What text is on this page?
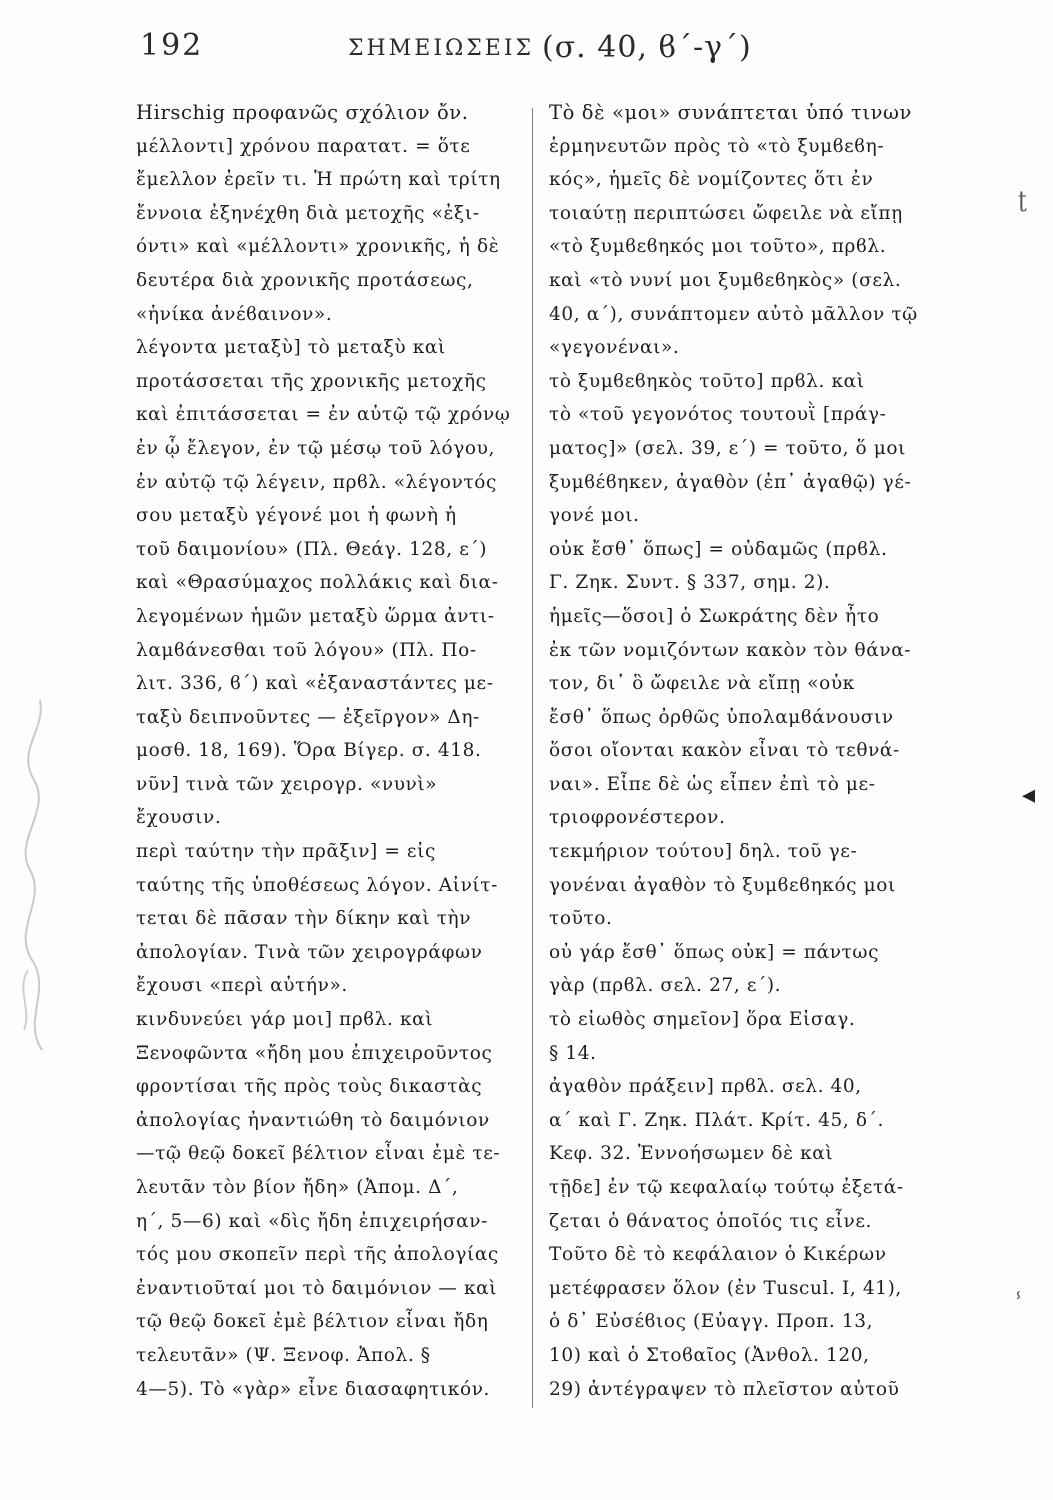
192	ΣΗΜΕΙΩΣΕΙΣ (σ. 40, ϐ΄-γ΄)
ʈ
◂
ⸯ
Hirschig προφανῶς σχόλιον ὄν.
μέλλοντι] χρόνου παρατατ. = ὅτε
ἔμελλον ἐρεῖν τι. Ἡ πρώτη καὶ τρίτη
ἔννοια ἐξηνέχθη διὰ μετοχῆς «ἐξι-
όντι» καὶ «μέλλοντι» χρονικῆς, ἡ δὲ
δευτέρα διὰ χρονικῆς προτάσεως,
«ἡνίκα ἀνέϐαινον».
λέγοντα μεταξὺ] τὸ μεταξὺ καὶ
προτάσσεται τῆς χρονικῆς μετοχῆς
καὶ ἐπιτάσσεται = ἐν αὐτῷ τῷ χρόνῳ
ἐν ᾧ ἔλεγον, ἐν τῷ μέσῳ τοῦ λόγου,
ἐν αὐτῷ τῷ λέγειν, πρϐλ. «λέγοντός
σου μεταξὺ γέγονέ μοι ἡ φωνὴ ἡ
τοῦ δαιμονίου» (Πλ. Θεάγ. 128, ε΄)
καὶ «Θρασύμαχος πολλάκις καὶ δια-
λεγομένων ἡμῶν μεταξὺ ὥρμα ἀντι-
λαμϐάνεσθαι τοῦ λόγου» (Πλ. Πο-
λιτ. 336, ϐ΄) καὶ «ἐξαναστάντες με-
ταξὺ δειπνοῦντες — ἐξεῖργον» Δη-
μοσθ. 18, 169). Ὅρα Βίγερ. σ. 418.
νῦν] τινὰ τῶν χειρογρ. «νυνὶ»
ἔχουσιν.
περὶ ταύτην τὴν πρᾶξιν] = εἰς
ταύτης τῆς ὑποθέσεως λόγον. Αἰνίτ-
τεται δὲ πᾶσαν τὴν δίκην καὶ τὴν
ἀπολογίαν. Τινὰ τῶν χειρογράφων
ἔχουσι «περὶ αὐτήν».
κινδυνεύει γάρ μοι] πρϐλ. καὶ
Ξενοφῶντα «ἤδη μου ἐπιχειροῦντος
φροντίσαι τῆς πρὸς τοὺς δικαστὰς
ἀπολογίας ἠναντιώθη τὸ δαιμόνιον
—τῷ θεῷ δοκεῖ βέλτιον εἶναι ἐμὲ τε-
λευτᾶν τὸν βίον ἤδη» (Ἀπομ. Δ΄,
η΄, 5—6) καὶ «δὶς ἤδη ἐπιχειρήσαν-
τός μου σκοπεῖν περὶ τῆς ἀπολογίας
ἐναντιοῦταί μοι τὸ δαιμόνιον — καὶ
τῷ θεῷ δοκεῖ ἐμὲ βέλτιον εἶναι ἤδη
τελευτᾶν» (Ψ. Ξενοφ. Ἀπολ. §
4—5). Τὸ «γὰρ» εἶνε διασαφητικόν.
Τὸ δὲ «μοι» συνάπτεται ὑπό τινων
ἑρμηνευτῶν πρὸς τὸ «τὸ ξυμϐεϐη-
κός», ἡμεῖς δὲ νομίζοντες ὅτι ἐν
τοιαύτῃ περιπτώσει ὤφειλε νὰ εἴπῃ
«τὸ ξυμϐεϐηκός μοι τοῦτο», πρϐλ.
καὶ «τὸ νυνί μοι ξυμϐεϐηκὸς» (σελ.
40, α΄), συνάπτομεν αὐτὸ μᾶλλον τῷ
«γεγονέναι».
τὸ ξυμϐεϐηκὸς τοῦτο] πρϐλ. καὶ
τὸ «τοῦ γεγονότος τουτουῒ [πράγ-
ματος]» (σελ. 39, ε΄) = τοῦτο, ὅ μοι
ξυμϐέϐηκεν, ἀγαθὸν (ἐπ᾽ ἀγαθῷ) γέ-
γονέ μοι.
οὐκ ἔσθ᾽ ὅπως] = οὐδαμῶς (πρϐλ.
Γ. Ζηκ. Συντ. § 337, σημ. 2).
ἡμεῖς—ὅσοι] ὁ Σωκράτης δὲν ἦτο
ἐκ τῶν νομιζόντων κακὸν τὸν θάνα-
τον, δι᾽ ὃ ὤφειλε νὰ εἴπῃ «οὐκ
ἔσθ᾽ ὅπως ὀρθῶς ὑπολαμϐάνουσιν
ὅσοι οἴονται κακὸν εἶναι τὸ τεθνά-
ναι». Εἶπε δὲ ὡς εἶπεν ἐπὶ τὸ με-
τριοφρονέστερον.
τεκμήριον τούτου] δηλ. τοῦ γε-
γονέναι ἀγαθὸν τὸ ξυμϐεϐηκός μοι
τοῦτο.
οὐ γάρ ἔσθ᾽ ὅπως οὐκ] = πάντως
γὰρ (πρϐλ. σελ. 27, ε΄).
τὸ εἰωθὸς σημεῖον] ὅρα Εἰσαγ.
§ 14.
ἀγαθὸν πράξειν] πρϐλ. σελ. 40,
α΄ καὶ Γ. Ζηκ. Πλάτ. Κρίτ. 45, δ΄.
Κεφ. 32. Ἐννοήσωμεν δὲ καὶ
τῇδε] ἐν τῷ κεφαλαίῳ τούτῳ ἐξετά-
ζεται ὁ θάνατος ὁποῖός τις εἶνε.
Τοῦτο δὲ τὸ κεφάλαιον ὁ Κικέρων
μετέφρασεν ὅλον (ἐν Tuscul. I, 41),
ὁ δ᾽ Εὐσέϐιος (Εὐαγγ. Προπ. 13,
10) καὶ ὁ Στοϐαῖος (Ἀνθολ. 120,
29) ἀντέγραψεν τὸ πλεῖστον αὐτοῦ
